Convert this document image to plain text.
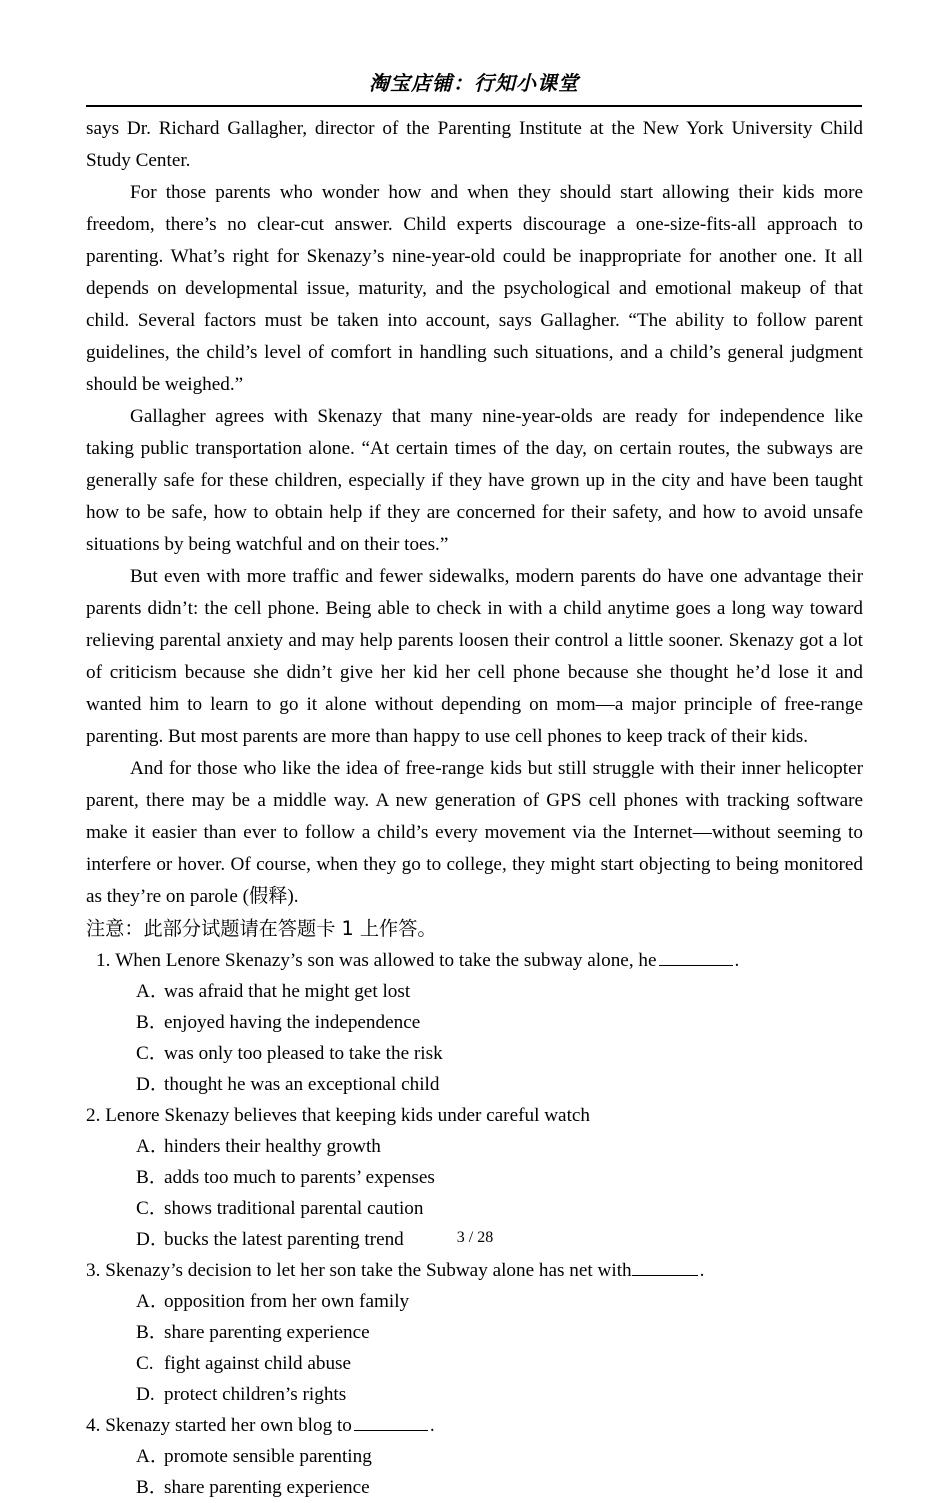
淘宝店铺：行知小课堂

says Dr. Richard Gallagher, director of the Parenting Institute at the New York University Child Study Center.

For those parents who wonder how and when they should start allowing their kids more freedom, there’s no clear-cut answer. Child experts discourage a one-size-fits-all approach to parenting. What’s right for Skenazy’s nine-year-old could be inappropriate for another one. It all depends on developmental issue, maturity, and the psychological and emotional makeup of that child. Several factors must be taken into account, says Gallagher. “The ability to follow parent guidelines, the child’s level of comfort in handling such situations, and a child’s general judgment should be weighed.”

Gallagher agrees with Skenazy that many nine-year-olds are ready for independence like taking public transportation alone. “At certain times of the day, on certain routes, the subways are generally safe for these children, especially if they have grown up in the city and have been taught how to be safe, how to obtain help if they are concerned for their safety, and how to avoid unsafe situations by being watchful and on their toes.”

But even with more traffic and fewer sidewalks, modern parents do have one advantage their parents didn’t: the cell phone. Being able to check in with a child anytime goes a long way toward relieving parental anxiety and may help parents loosen their control a little sooner. Skenazy got a lot of criticism because she didn’t give her kid her cell phone because she thought he’d lose it and wanted him to learn to go it alone without depending on mom—a major principle of free-range parenting. But most parents are more than happy to use cell phones to keep track of their kids.

And for those who like the idea of free-range kids but still struggle with their inner helicopter parent, there may be a middle way. A new generation of GPS cell phones with tracking software make it easier than ever to follow a child’s every movement via the Internet—without seeming to interfere or hover. Of course, when they go to college, they might start objecting to being monitored as they’re on parole (假释).

注意：此部分试题请在答题卡 1 上作答。

1. When Lenore Skenazy’s son was allowed to take the subway alone, he	.

A．was afraid that he might get lost

B．enjoyed having the independence

C．was only too pleased to take the risk

D．thought he was an exceptional child

2. Lenore Skenazy believes that keeping kids under careful watch

A．hinders their healthy growth

B．adds too much to parents’ expenses

C．shows traditional parental caution

D．bucks the latest parenting trend

3. Skenazy’s decision to let her son take the Subway alone has net with	.

A．opposition from her own family

B．share parenting experience

C. fight against child abuse

D. protect children’s rights

4. Skenazy started her own blog to	.

A．promote sensible parenting

B．share parenting experience

3 / 28
